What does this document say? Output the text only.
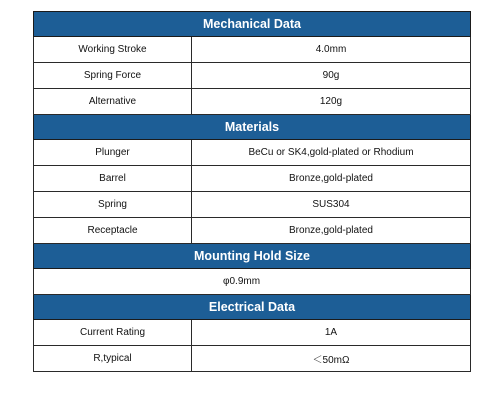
Mechanical Data	
Working Stroke	4.0mm
Spring Force	90g
Alternative	120g
Materials	
Plunger	BeCu or SK4,gold-plated or Rhodium
Barrel	Bronze,gold-plated
Spring	SUS304
Receptacle	Bronze,gold-plated
Mounting Hold Size	
φ0.9mm	
Electrical Data	
Current Rating	1A
R,typical	＜50mΩ
